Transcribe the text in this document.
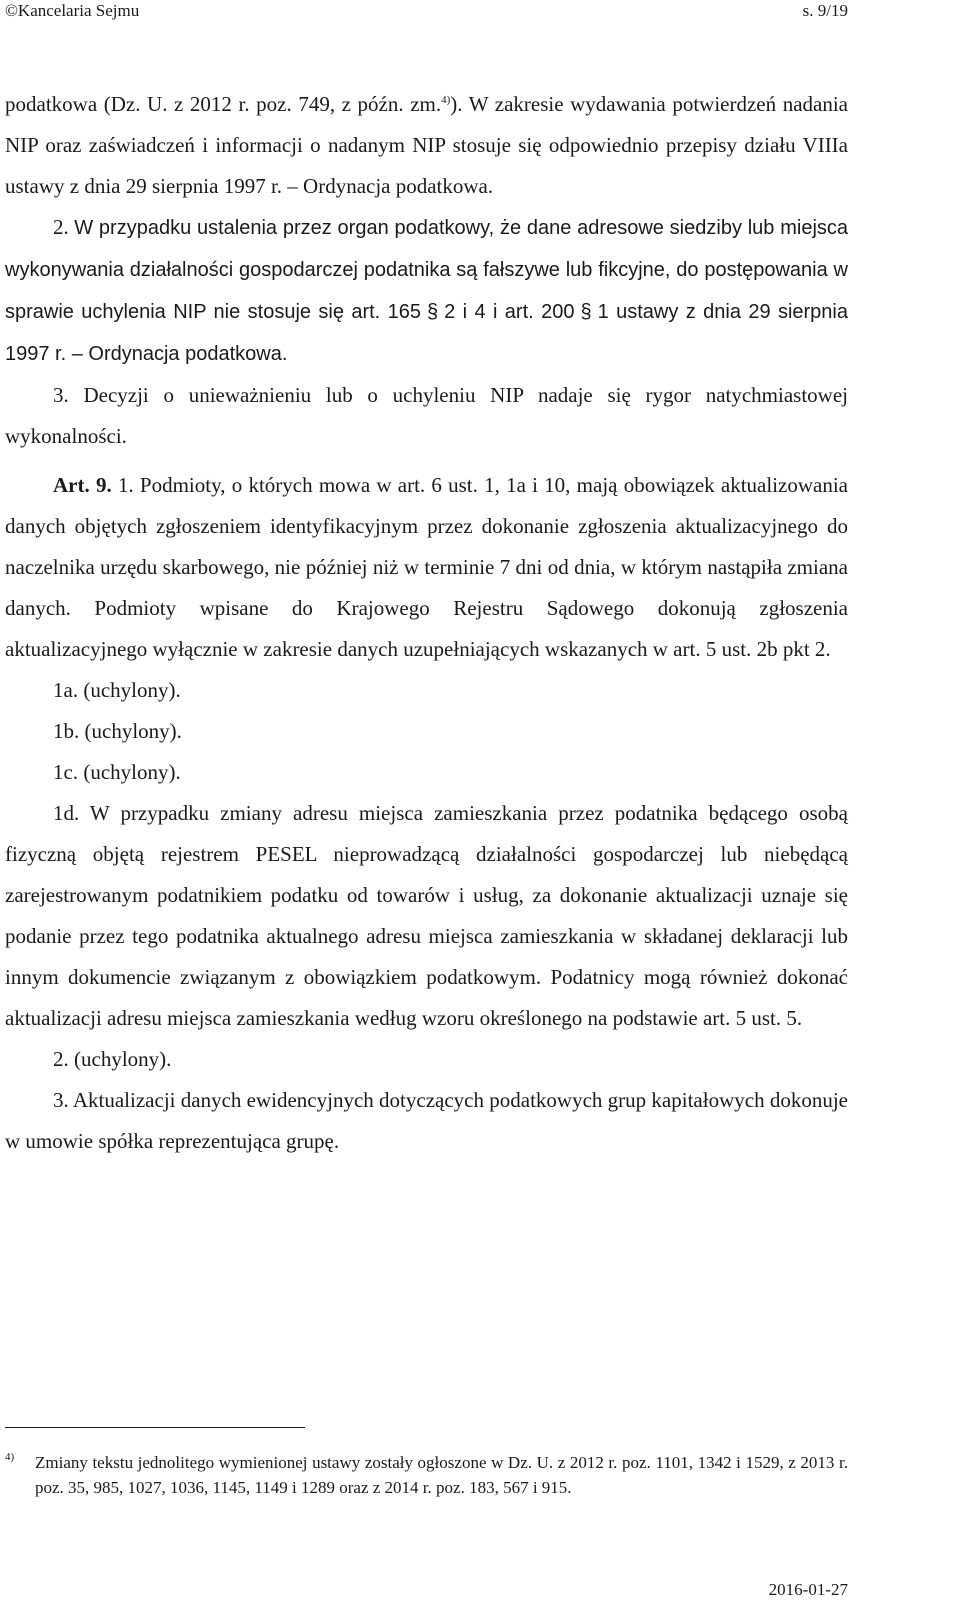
©Kancelaria Sejmu	s. 9/19

podatkowa (Dz. U. z 2012 r. poz. 749, z późn. zm.$^{4)}$). W zakresie wydawania potwierdzeń nadania NIP oraz zaświadczeń i informacji o nadanym NIP stosuje się odpowiednio przepisy działu VIIIa ustawy z dnia 29 sierpnia 1997 r. – Ordynacja podatkowa.

2. W przypadku ustalenia przez organ podatkowy, że dane adresowe siedziby lub miejsca wykonywania działalności gospodarczej podatnika są fałszywe lub fikcyjne, do postępowania w sprawie uchylenia NIP nie stosuje się art. 165 § 2 i 4 i art. 200 § 1 ustawy z dnia 29 sierpnia 1997 r. – Ordynacja podatkowa.

3. Decyzji o unieważnieniu lub o uchyleniu NIP nadaje się rygor natychmiastowej wykonalności.

Art. 9. 1. Podmioty, o których mowa w art. 6 ust. 1, 1a i 10, mają obowiązek aktualizowania danych objętych zgłoszeniem identyfikacyjnym przez dokonanie zgłoszenia aktualizacyjnego do naczelnika urzędu skarbowego, nie później niż w terminie 7 dni od dnia, w którym nastąpiła zmiana danych. Podmioty wpisane do Krajowego Rejestru Sądowego dokonują zgłoszenia aktualizacyjnego wyłącznie w zakresie danych uzupełniających wskazanych w art. 5 ust. 2b pkt 2.

1a. (uchylony).

1b. (uchylony).

1c. (uchylony).

1d. W przypadku zmiany adresu miejsca zamieszkania przez podatnika będącego osobą fizyczną objętą rejestrem PESEL nieprowadzącą działalności gospodarczej lub niebędącą zarejestrowanym podatnikiem podatku od towarów i usług, za dokonanie aktualizacji uznaje się podanie przez tego podatnika aktualnego adresu miejsca zamieszkania w składanej deklaracji lub innym dokumencie związanym z obowiązkiem podatkowym. Podatnicy mogą również dokonać aktualizacji adresu miejsca zamieszkania według wzoru określonego na podstawie art. 5 ust. 5.

2. (uchylony).

3. Aktualizacji danych ewidencyjnych dotyczących podatkowych grup kapitałowych dokonuje w umowie spółka reprezentująca grupę.

4)	Zmiany tekstu jednolitego wymienionej ustawy zostały ogłoszone w Dz. U. z 2012 r. poz. 1101, 1342 i 1529, z 2013 r. poz. 35, 985, 1027, 1036, 1145, 1149 i 1289 oraz z 2014 r. poz. 183, 567 i 915.
2016-01-27
